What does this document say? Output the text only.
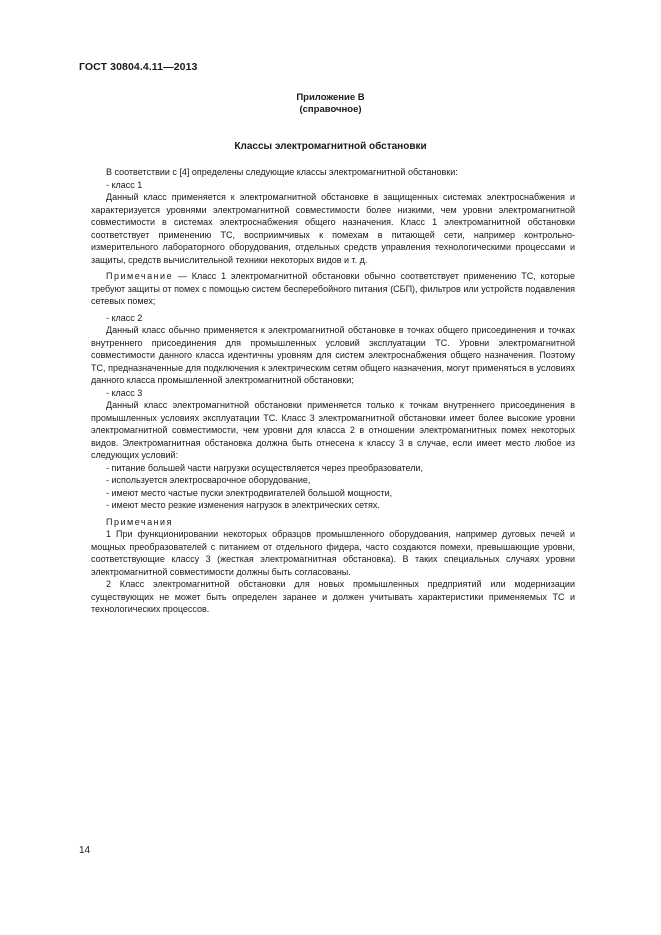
ГОСТ 30804.4.11—2013
Приложение В
(справочное)
Классы электромагнитной обстановки

В соответствии с [4] определены следующие классы электромагнитной обстановки:

- класс 1

Данный класс применяется к электромагнитной обстановке в защищенных системах электроснабжения и характеризуется уровнями электромагнитной совместимости более низкими, чем уровни электромагнитной совместимости в системах электроснабжения общего назначения. Класс 1 электромагнитной обстановки соответствует применению ТС, восприимчивых к помехам в питающей сети, например контрольно-измерительного лабораторного оборудования, отдельных средств управления технологическими процессами и защиты, средств вычислительной техники некоторых видов и т. д.

Примечание — Класс 1 электромагнитной обстановки обычно соответствует применению ТС, которые требуют защиты от помех с помощью систем бесперебойного питания (СБП), фильтров или устройств подавления сетевых помех;

- класс 2

Данный класс обычно применяется к электромагнитной обстановке в точках общего присоединения и точках внутреннего присоединения для промышленных условий эксплуатации ТС. Уровни электромагнитной совместимости данного класса идентичны уровням для систем электроснабжения общего назначения. Поэтому ТС, предназначенные для подключения к электрическим сетям общего назначения, могут применяться в условиях данного класса промышленной электромагнитной обстановки;

- класс 3

Данный класс электромагнитной обстановки применяется только к точкам внутреннего присоединения в промышленных условиях эксплуатации ТС. Класс 3 электромагнитной обстановки имеет более высокие уровни электромагнитной совместимости, чем уровни для класса 2 в отношении электромагнитных помех некоторых видов. Электромагнитная обстановка должна быть отнесена к классу 3 в случае, если имеет место любое из следующих условий:

- питание большей части нагрузки осуществляется через преобразователи,

- используется электросварочное оборудование,

- имеют место частые пуски электродвигателей большой мощности,

- имеют место резкие изменения нагрузок в электрических сетях.

Примечания

1 При функционировании некоторых образцов промышленного оборудования, например дуговых печей и мощных преобразователей с питанием от отдельного фидера, часто создаются помехи, превышающие уровни, соответствующие классу 3 (жесткая электромагнитная обстановка). В таких специальных случаях уровни электромагнитной совместимости должны быть согласованы.

2 Класс электромагнитной обстановки для новых промышленных предприятий или модернизации существующих не может быть определен заранее и должен учитывать характеристики применяемых ТС и технологических процессов.

14
